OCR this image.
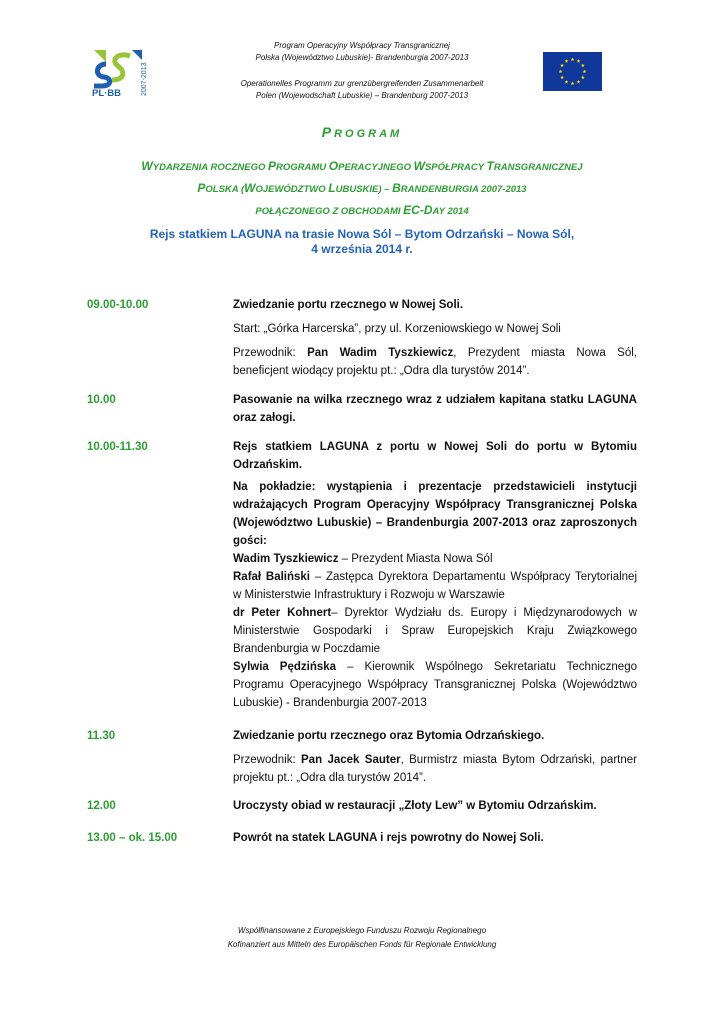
PL·BB	2007-2013
Program Operacyjny Współpracy Transgranicznej
Polska (Województwo Lubuskie)- Brandenburgia 2007-2013
Operationelles Programm zur grenzübergreifenden Zusammenarbeit
Polen (Wojewodschaft Lubuskie) – Brandenburg 2007-2013
PROGRAM
WYDARZENIA ROCZNEGO PROGRAMU OPERACYJNEGO WSPÓŁPRACY TRANSGRANICZNEJ
POLSKA (WOJEWÓDZTWO LUBUSKIE) – BRANDENBURGIA 2007-2013
POŁĄCZONEGO Z OBCHODAMI EC-DAY 2014
Rejs statkiem LAGUNA na trasie Nowa Sól – Bytom Odrzański – Nowa Sól,
4 września 2014 r.
09.00-10.00	Zwiedzanie portu rzecznego w Nowej Soli.
Start: „Górka Harcerska”, przy ul. Korzeniowskiego w Nowej Soli
Przewodnik: Pan Wadim Tyszkiewicz, Prezydent miasta Nowa Sól, beneficjent wiodący projektu pt.: „Odra dla turystów 2014”.
10.00	Pasowanie na wilka rzecznego wraz z udziałem kapitana statku LAGUNA oraz załogi.
10.00-11.30	Rejs statkiem LAGUNA z portu w Nowej Soli do portu w Bytomiu Odrzańskim.
Na pokładzie: wystąpienia i prezentacje przedstawicieli instytucji wdrażających Program Operacyjny Współpracy Transgranicznej Polska (Województwo Lubuskie) – Brandenburgia 2007-2013 oraz zaproszonych gości:
Wadim Tyszkiewicz – Prezydent Miasta Nowa Sól
Rafał Baliński – Zastępca Dyrektora Departamentu Współpracy Terytorialnej w Ministerstwie Infrastruktury i Rozwoju w Warszawie
dr Peter Kohnert– Dyrektor Wydziału ds. Europy i Międzynarodowych w Ministerstwie Gospodarki i Spraw Europejskich Kraju Związkowego Brandenburgia w Poczdamie
Sylwia Pędzińska – Kierownik Wspólnego Sekretariatu Technicznego Programu Operacyjnego Współpracy Transgranicznej Polska (Województwo Lubuskie) - Brandenburgia 2007-2013
11.30	Zwiedzanie portu rzecznego oraz Bytomia Odrzańskiego.
Przewodnik: Pan Jacek Sauter, Burmistrz miasta Bytom Odrzański, partner projektu pt.: „Odra dla turystów 2014”.
12.00	Uroczysty obiad w restauracji „Złoty Lew” w Bytomiu Odrzańskim.
13.00 – ok. 15.00	Powrót na statek LAGUNA i rejs powrotny do Nowej Soli.
Współfinansowane z Europejskiego Funduszu Rozwoju Regionalnego
Kofinanziert aus Mitteln des Europäischen Fonds für Regionale Entwicklung
